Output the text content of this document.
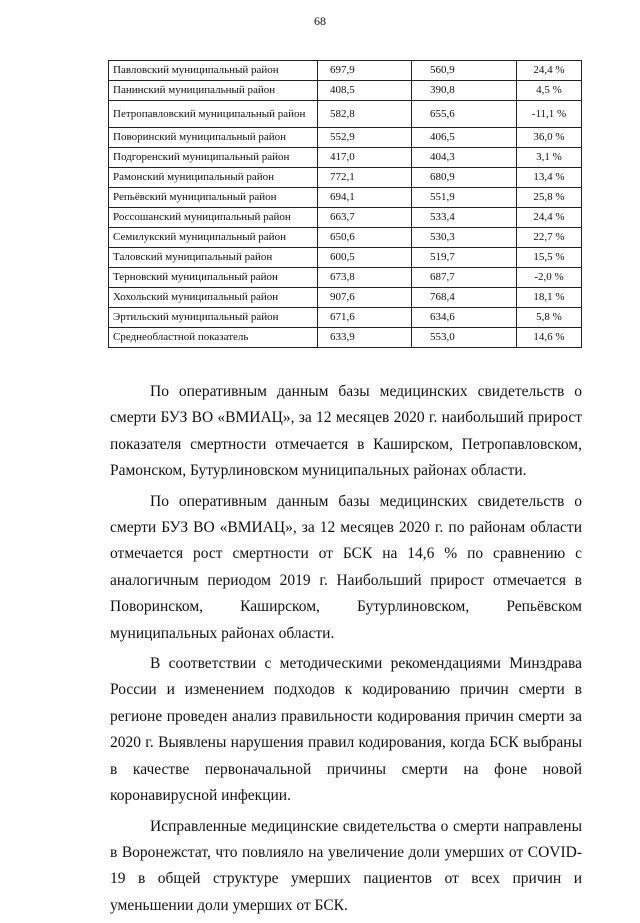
68
Павловский муниципальный район	697,9	560,9	24,4 %
Панинский муниципальный район	408,5	390,8	4,5 %
Петропавловский муниципальный район	582,8	655,6	-11,1 %
Поворинский муниципальный район	552,9	406,5	36,0 %
Подгоренский муниципальный район	417,0	404,3	3,1 %
Рамонский муниципальный район	772,1	680,9	13,4 %
Репьёвский муниципальный район	694,1	551,9	25,8 %
Россошанский муниципальный район	663,7	533,4	24,4 %
Семилукский муниципальный район	650,6	530,3	22,7 %
Таловский муниципальный район	600,5	519,7	15,5 %
Терновский муниципальный район	673,8	687,7	-2,0 %
Хохольский муниципальный район	907,6	768,4	18,1 %
Эртильский муниципальный район	671,6	634,6	5,8 %
Среднеобластной показатель	633,9	553,0	14,6 %

По оперативным данным базы медицинских свидетельств о смерти БУЗ ВО «ВМИАЦ», за 12 месяцев 2020 г. наибольший прирост показателя смертности отмечается в Каширском, Петропавловском, Рамонском, Бутурлиновском муниципальных районах области.

По оперативным данным базы медицинских свидетельств о смерти БУЗ ВО «ВМИАЦ», за 12 месяцев 2020 г. по районам области отмечается рост смертности от БСК на 14,6 % по сравнению с аналогичным периодом 2019 г. Наибольший прирост отмечается в Поворинском, Каширском, Бутурлиновском, Репьёвском муниципальных районах области.

В соответствии с методическими рекомендациями Минздрава России и изменением подходов к кодированию причин смерти в регионе проведен анализ правильности кодирования причин смерти за 2020 г. Выявлены нарушения правил кодирования, когда БСК выбраны в качестве первоначальной причины смерти на фоне новой коронавирусной инфекции.

Исправленные медицинские свидетельства о смерти направлены в Воронежстат, что повлияло на увеличение доли умерших от COVID-19 в общей структуре умерших пациентов от всех причин и уменьшении доли умерших от БСК.
